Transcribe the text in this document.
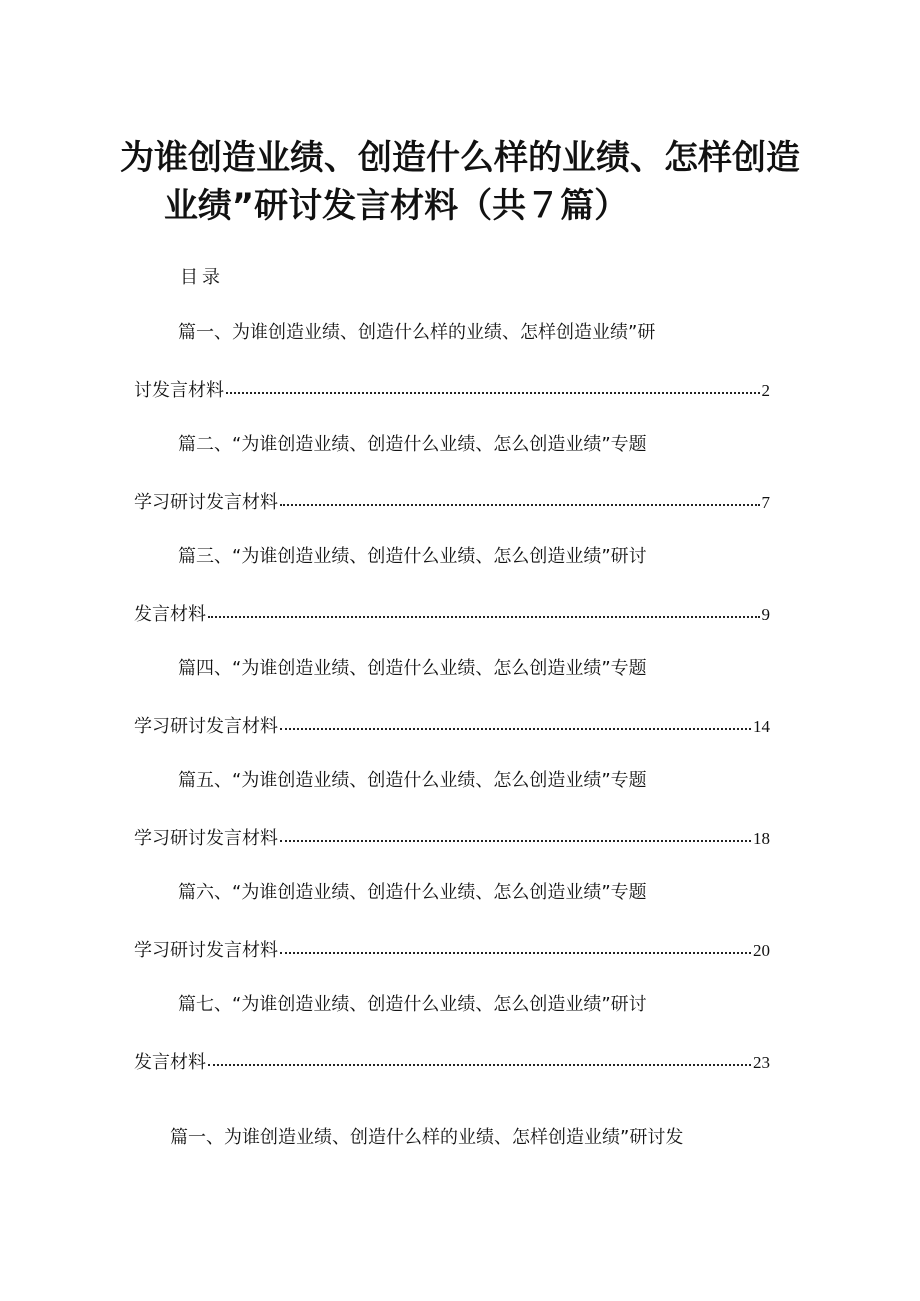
为谁创造业绩、创造什么样的业绩、怎样创造
业绩”研讨发言材料（共７篇）
目录
篇一、为谁创造业绩、创造什么样的业绩、怎样创造业绩”研
讨发言材料	2
篇二、“为谁创造业绩、创造什么业绩、怎么创造业绩”专题
学习研讨发言材料	7
篇三、“为谁创造业绩、创造什么业绩、怎么创造业绩”研讨
发言材料	9
篇四、“为谁创造业绩、创造什么业绩、怎么创造业绩”专题
学习研讨发言材料	14
篇五、“为谁创造业绩、创造什么业绩、怎么创造业绩”专题
学习研讨发言材料	18
篇六、“为谁创造业绩、创造什么业绩、怎么创造业绩”专题
学习研讨发言材料	20
篇七、“为谁创造业绩、创造什么业绩、怎么创造业绩”研讨
发言材料	23
篇一、为谁创造业绩、创造什么样的业绩、怎样创造业绩”研讨发
